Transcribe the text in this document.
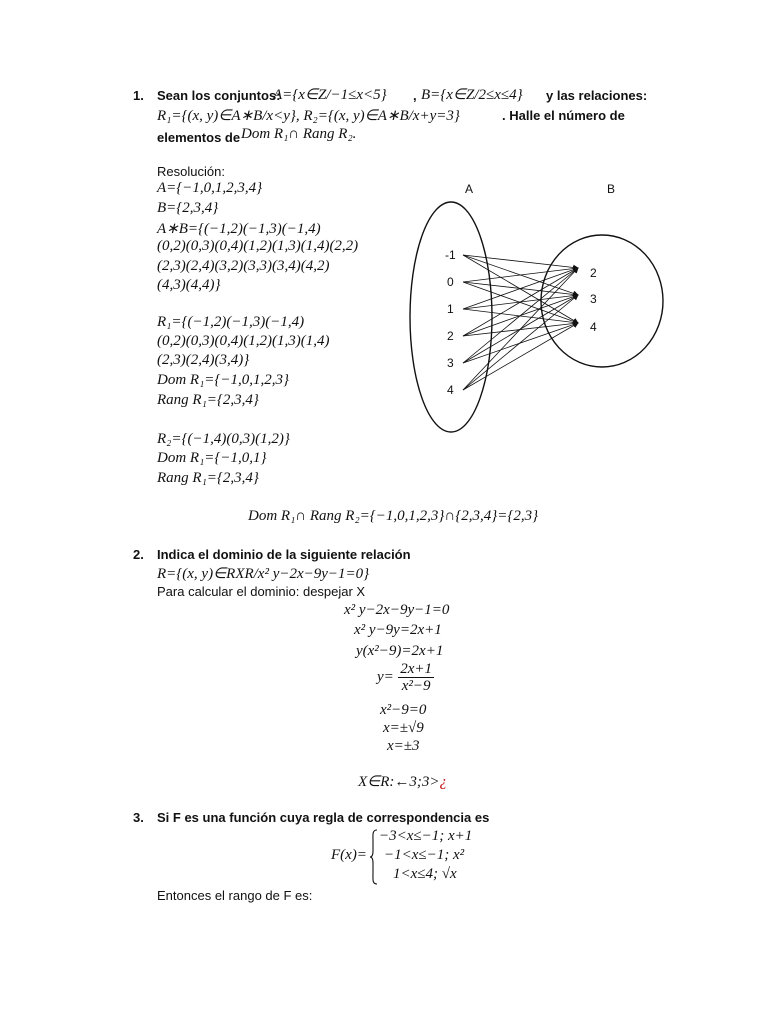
1. Sean los conjuntos:
A={x∈Z/−1≤x<5} , B={x∈Z/2≤x≤4} y las relaciones:
R₁={(x, y)∈A∗B/x<y}, R₂={(x, y)∈A∗B/x+y=3}	. Halle el número de
elementos de Dom R₁∩ Rang R₂.
Resolución:
A={−1,0,1,2,3,4}
B={2,3,4}
A∗B={(−1,2)(−1,3)(−1,4)
(0,2)(0,3)(0,4)(1,2)(1,3)(1,4)(2,2)
(2,3)(2,4)(3,2)(3,3)(3,4)(4,2)
(4,3)(4,4)}
R₁={(−1,2)(−1,3)(−1,4)
(0,2)(0,3)(0,4)(1,2)(1,3)(1,4)
(2,3)(2,4)(3,4)}
Dom R₁={−1,0,1,2,3}
Rang R₁={2,3,4}
R₂={(−1,4)(0,3)(1,2)}
Dom R₁={−1,0,1}
Rang R₁={2,3,4}
Dom R₁∩ Rang R₂={−1,0,1,2,3}∩{2,3,4}={2,3}
A	B
-1
0
1
2
3
4
2
3
4
2. Indica el dominio de la siguiente relación
R={(x, y)∈RXR/x² y−2x−9y−1=0}
Para calcular el dominio: despejar X
x² y−2x−9y−1=0
x² y−9y=2x+1
y(x²−9)=2x+1
$y= \frac{2x+1}{\text{x²−9}}$
x²−9=0
x=±√9
x=±3
X∈R:←3;3>¿
3. Si F es una función cuya regla de correspondencia es
F(x)=
−3<x≤−1; x+1
−1<x≤−1; x²
1<x≤4; √x
Entonces el rango de F es:
